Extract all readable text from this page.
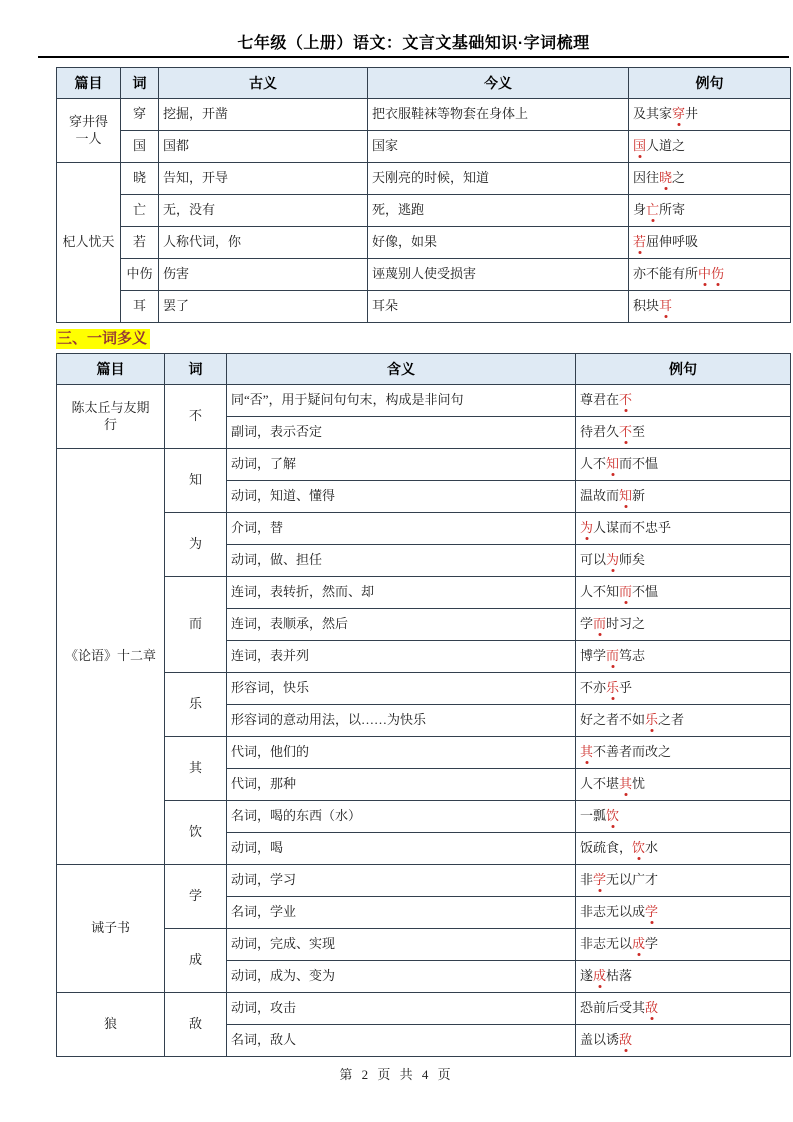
七年级（上册）语文：文言文基础知识·字词梳理
篇目	词	古义	今义	例句

穿井得
一人	穿	挖掘，开凿	把衣服鞋袜等物套在身体上	及其家穿井
	国	国都	国家	国人道之

杞人忧天	晓	告知，开导	天刚亮的时候，知道	因往晓之
	亡	无，没有	死，逃跑	身亡所寄
	若	人称代词，你	好像，如果	若屈伸呼吸
	中伤	伤害	诬蔑别人使受损害	亦不能有所中伤
	耳	罢了	耳朵	积块耳
三、一词多义
篇目	词	含义	例句

陈太丘与友期
行	不	同“否”，用于疑问句句末，构成是非问句	尊君在不
		副词，表示否定	待君久不至

《论语》十二章	知	动词，了解	人不知而不愠
		动词，知道、懂得	温故而知新
	为	介词，替	为人谋而不忠乎
		动词，做、担任	可以为师矣
	而	连词，表转折，然而、却	人不知而不愠
		连词，表顺承，然后	学而时习之
		连词，表并列	博学而笃志
	乐	形容词，快乐	不亦乐乎
		形容词的意动用法，以……为快乐	好之者不如乐之者
	其	代词，他们的	其不善者而改之
		代词，那种	人不堪其忧
	饮	名词，喝的东西（水）	一瓢饮
		动词，喝	饭疏食，饮水

诫子书	学	动词，学习	非学无以广才
		名词，学业	非志无以成学
	成	动词，完成、实现	非志无以成学
		动词，成为、变为	遂成枯落

狼	敌	动词，攻击	恐前后受其敌
		名词，敌人	盖以诱敌
第 2 页 共 4 页
